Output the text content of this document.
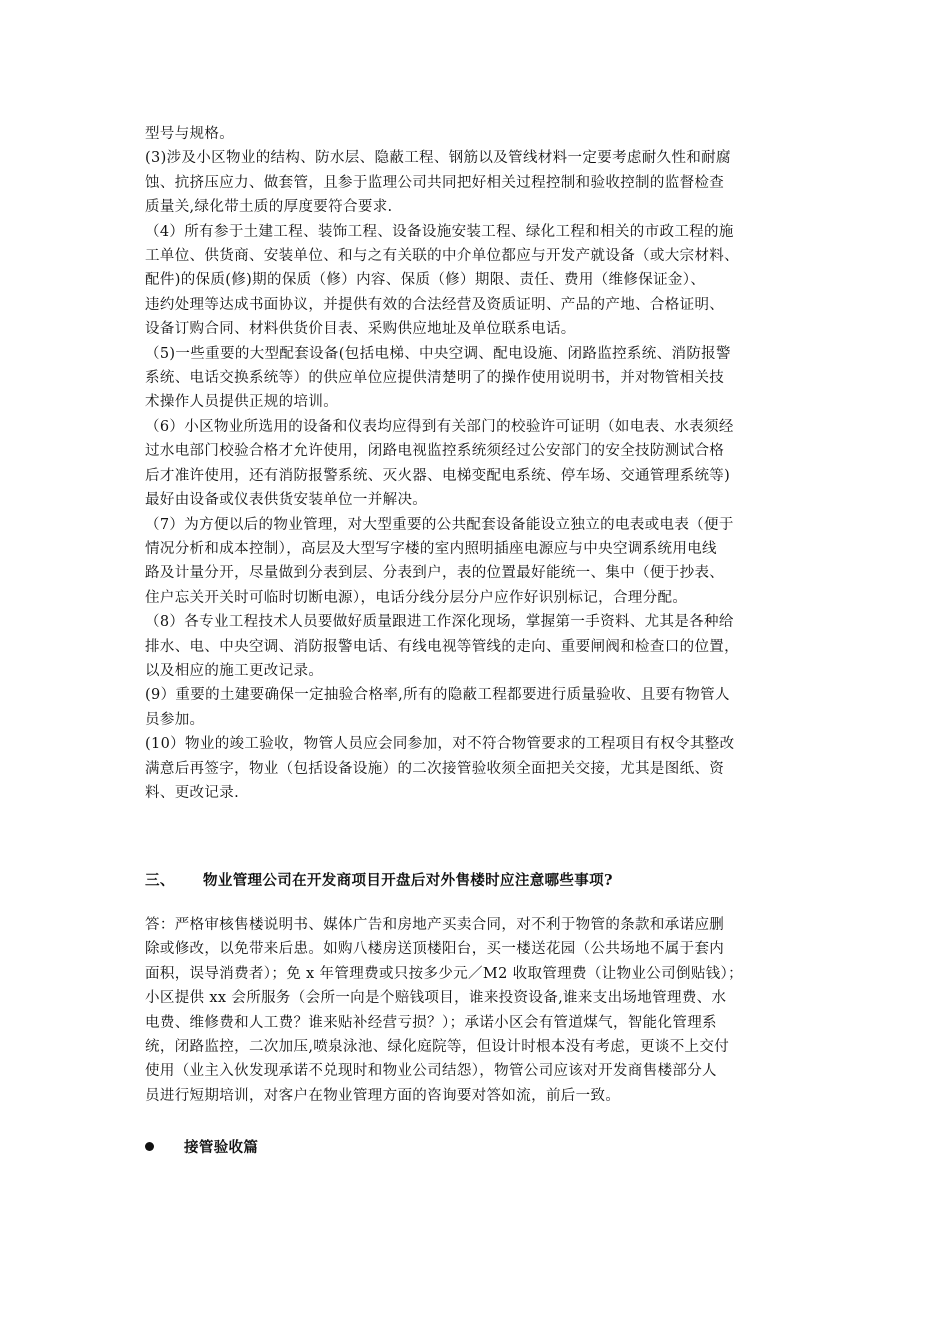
型号与规格。

(3)涉及小区物业的结构、防水层、隐蔽工程、钢筋以及管线材料一定要考虑耐久性和耐腐
蚀、抗挤压应力、做套管，且参于监理公司共同把好相关过程控制和验收控制的监督检查
质量关,绿化带土质的厚度要符合要求.

（4）所有参于土建工程、装饰工程、设备设施安装工程、绿化工程和相关的市政工程的施
工单位、供货商、安装单位、和与之有关联的中介单位都应与开发产就设备（或大宗材料、
配件)的保质(修)期的保质（修）内容、保质（修）期限、责任、费用（维修保证金）、
违约处理等达成书面协议，并提供有效的合法经营及资质证明、产品的产地、合格证明、
设备订购合同、材料供货价目表、采购供应地址及单位联系电话。

（5)一些重要的大型配套设备(包括电梯、中央空调、配电设施、闭路监控系统、消防报警
系统、电话交换系统等）的供应单位应提供清楚明了的操作使用说明书，并对物管相关技
术操作人员提供正规的培训。

（6）小区物业所选用的设备和仪表均应得到有关部门的校验许可证明（如电表、水表须经
过水电部门校验合格才允许使用，闭路电视监控系统须经过公安部门的安全技防测试合格
后才准许使用，还有消防报警系统、灭火器、电梯变配电系统、停车场、交通管理系统等)
最好由设备或仪表供货安装单位一并解决。

（7）为方便以后的物业管理，对大型重要的公共配套设备能设立独立的电表或电表（便于
情况分析和成本控制），高层及大型写字楼的室内照明插座电源应与中央空调系统用电线
路及计量分开，尽量做到分表到层、分表到户，表的位置最好能统一、集中（便于抄表、
住户忘关开关时可临时切断电源），电话分线分层分户应作好识别标记，合理分配。

（8）各专业工程技术人员要做好质量跟进工作深化现场，掌握第一手资料、尤其是各种给
排水、电、中央空调、消防报警电话、有线电视等管线的走向、重要闸阀和检查口的位置，
以及相应的施工更改记录。

(9）重要的土建要确保一定抽验合格率,所有的隐蔽工程都要进行质量验收、且要有物管人
员参加。

(10）物业的竣工验收，物管人员应会同参加，对不符合物管要求的工程项目有权令其整改
满意后再签字，物业（包括设备设施）的二次接管验收须全面把关交接，尤其是图纸、资
料、更改记录.

三、 物业管理公司在开发商项目开盘后对外售楼时应注意哪些事项?
答：严格审核售楼说明书、媒体广告和房地产买卖合同，对不利于物管的条款和承诺应删
除或修改，以免带来后患。如购八楼房送顶楼阳台，买一楼送花园（公共场地不属于套内
面积，误导消费者）；免 x 年管理费或只按多少元／M2 收取管理费（让物业公司倒贴钱）；
小区提供 xx 会所服务（会所一向是个赔钱项目，谁来投资设备,谁来支出场地管理费、水
电费、维修费和人工费？谁来贴补经营亏损？）；承诺小区会有管道煤气，智能化管理系
统，闭路监控，二次加压,喷泉泳池、绿化庭院等，但设计时根本没有考虑，更谈不上交付
使用（业主入伙发现承诺不兑现时和物业公司结怨），物管公司应该对开发商售楼部分人
员进行短期培训，对客户在物业管理方面的咨询要对答如流，前后一致。
接管验收篇
